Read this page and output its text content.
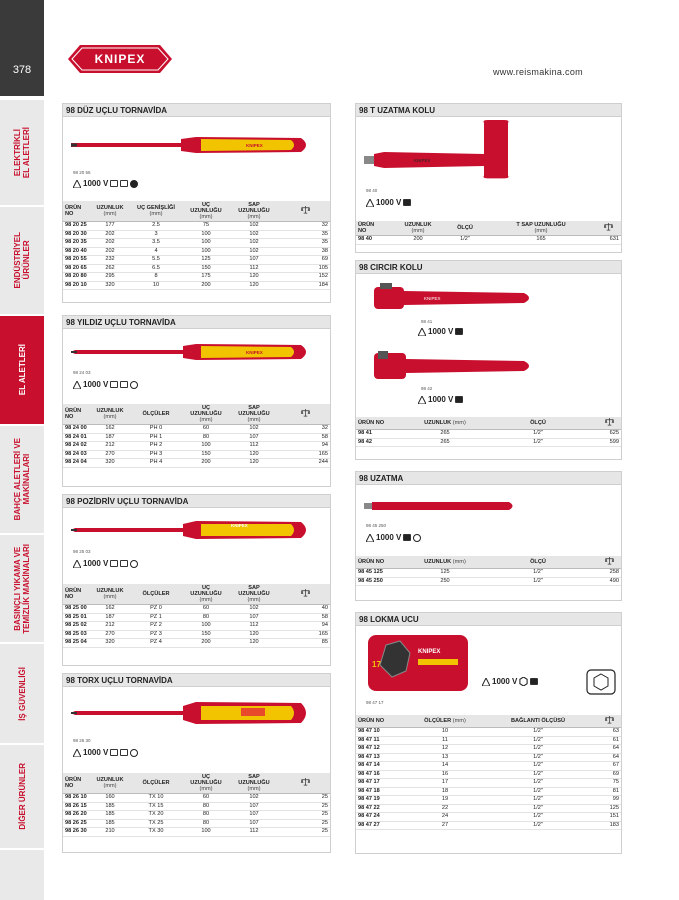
378
ELEKTRİKLİ
EL ALETLERİ
ENDÜSTRİYEL
ÜRÜNLER
EL ALETLERİ
BAHÇE ALETLERİ VE
MAKİNALARI
BASINÇLI YIKAMA VE
TEMİZLİK MAKİNALARI
İŞ GÜVENLİĞİ
DİĞER ÜRÜNLER
KNIPEX
www.reismakina.com
98 DÜZ UÇLU TORNAVİDA
KNIPEX
98 20 55
1000 V
ÜRÜN
NO	UZUNLUK
(mm)	UÇ GENİŞLİĞİ
(mm)	UÇ
UZUNLUĞU
(mm)	SAP
UZUNLUĞU
(mm)	
98 20 25	177	2.5	75	102	32
98 20 30	202	3	100	102	35
98 20 35	202	3.5	100	102	35
98 20 40	202	4	100	102	38
98 20 55	232	5.5	125	107	69
98 20 65	262	6.5	150	112	105
98 20 80	295	8	175	120	152
98 20 10	320	10	200	120	184
98 YILDIZ UÇLU TORNAVİDA
KNIPEX
98 24 03
1000 V
ÜRÜN
NO	UZUNLUK
(mm)	ÖLÇÜLER	UÇ
UZUNLUĞU
(mm)	SAP
UZUNLUĞU
(mm)	
98 24 00	162	PH 0	60	102	32
98 24 01	187	PH 1	80	107	58
98 24 02	212	PH 2	100	112	94
98 24 03	270	PH 3	150	120	165
98 24 04	320	PH 4	200	120	244
98 POZİDRİV UÇLU TORNAVİDA
KNIPEX
98 25 03
1000 V
ÜRÜN
NO	UZUNLUK
(mm)	ÖLÇÜLER	UÇ
UZUNLUĞU
(mm)	SAP
UZUNLUĞU
(mm)	
98 25 00	162	PZ 0	60	102	40
98 25 01	187	PZ 1	80	107	58
98 25 02	212	PZ 2	100	112	94
98 25 03	270	PZ 3	150	120	165
98 25 04	320	PZ 4	200	120	85
98 TORX UÇLU TORNAVİDA
98 26 30
1000 V
ÜRÜN
NO	UZUNLUK
(mm)	ÖLÇÜLER	UÇ
UZUNLUĞU
(mm)	SAP
UZUNLUĞU
(mm)	
98 26 10	160	TX 10	60	102	25
98 26 15	185	TX 15	80	107	25
98 26 20	185	TX 20	80	107	25
98 26 25	185	TX 25	80	107	25
98 26 30	210	TX 30	100	112	25
98 T UZATMA KOLU
KNIPEX
98 40
1000 V
ÜRÜN
NO	UZUNLUK
(mm)	ÖLÇÜ	T SAP UZUNLUĞU
(mm)	
98 40	200	1/2"	165	631
98 CIRCIR KOLU
KNIPEX
98 41
1000 V
98 42
1000 V
ÜRÜN NO	UZUNLUK (mm)	ÖLÇÜ	
98 41	265	1/2"	625
98 42	265	1/2"	599
98 UZATMA
98 45 250
1000 V
ÜRÜN NO	UZUNLUK (mm)	ÖLÇÜ	
98 45 125	125	1/2"	258
98 45 250	250	1/2"	490
98 LOKMA UCU
KNIPEX
17
98 47 17
1000 V
ÜRÜN NO	ÖLÇÜLER (mm)	BAĞLANTI ÖLÇÜSÜ	
98 47 10	10	1/2"	63
98 47 11	11	1/2"	61
98 47 12	12	1/2"	64
98 47 13	13	1/2"	64
98 47 14	14	1/2"	67
98 47 16	16	1/2"	69
98 47 17	17	1/2"	75
98 47 18	18	1/2"	81
98 47 19	19	1/2"	99
98 47 22	22	1/2"	125
98 47 24	24	1/2"	151
98 47 27	27	1/2"	183
